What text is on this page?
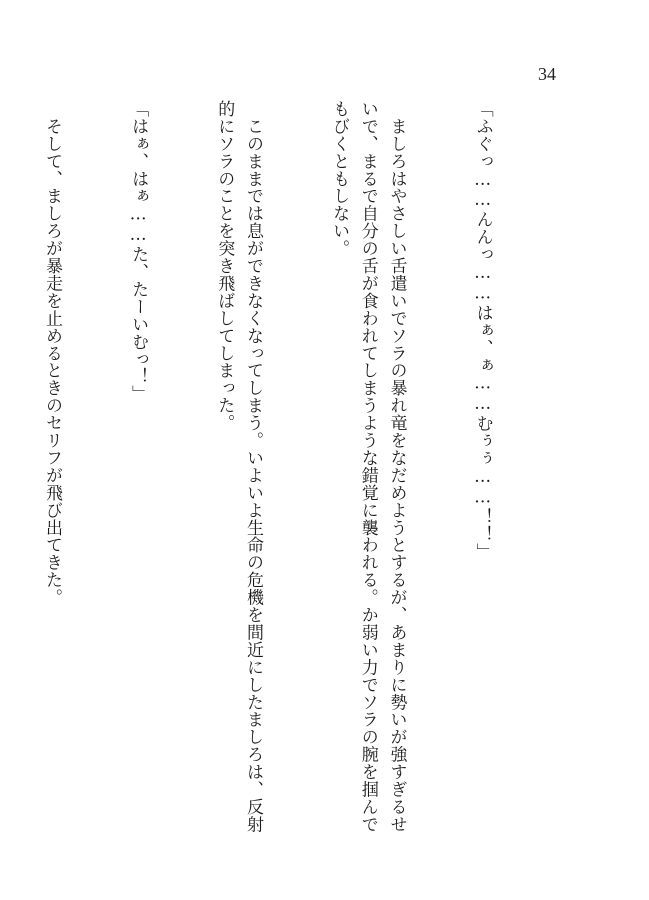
34

「ふぐっ……んんっ……はぁ、ぁ……むぅぅ……！！」

　ましろはやさしい舌遣いでソラの暴れ竜をなだめようとするが、あまりに勢いが強すぎるせいで、まるで自分の舌が食われてしまうような錯覚に襲われる。か弱い力でソラの腕を掴んでもびくともしない。

　このままでは息ができなくなってしまう。いよいよ生命の危機を間近にしたましろは、反射的にソラのことを突き飛ばしてしまった。

「はぁ、はぁ……た、たーいむっ！」

　そして、ましろが暴走を止めるときのセリフが飛び出てきた。
